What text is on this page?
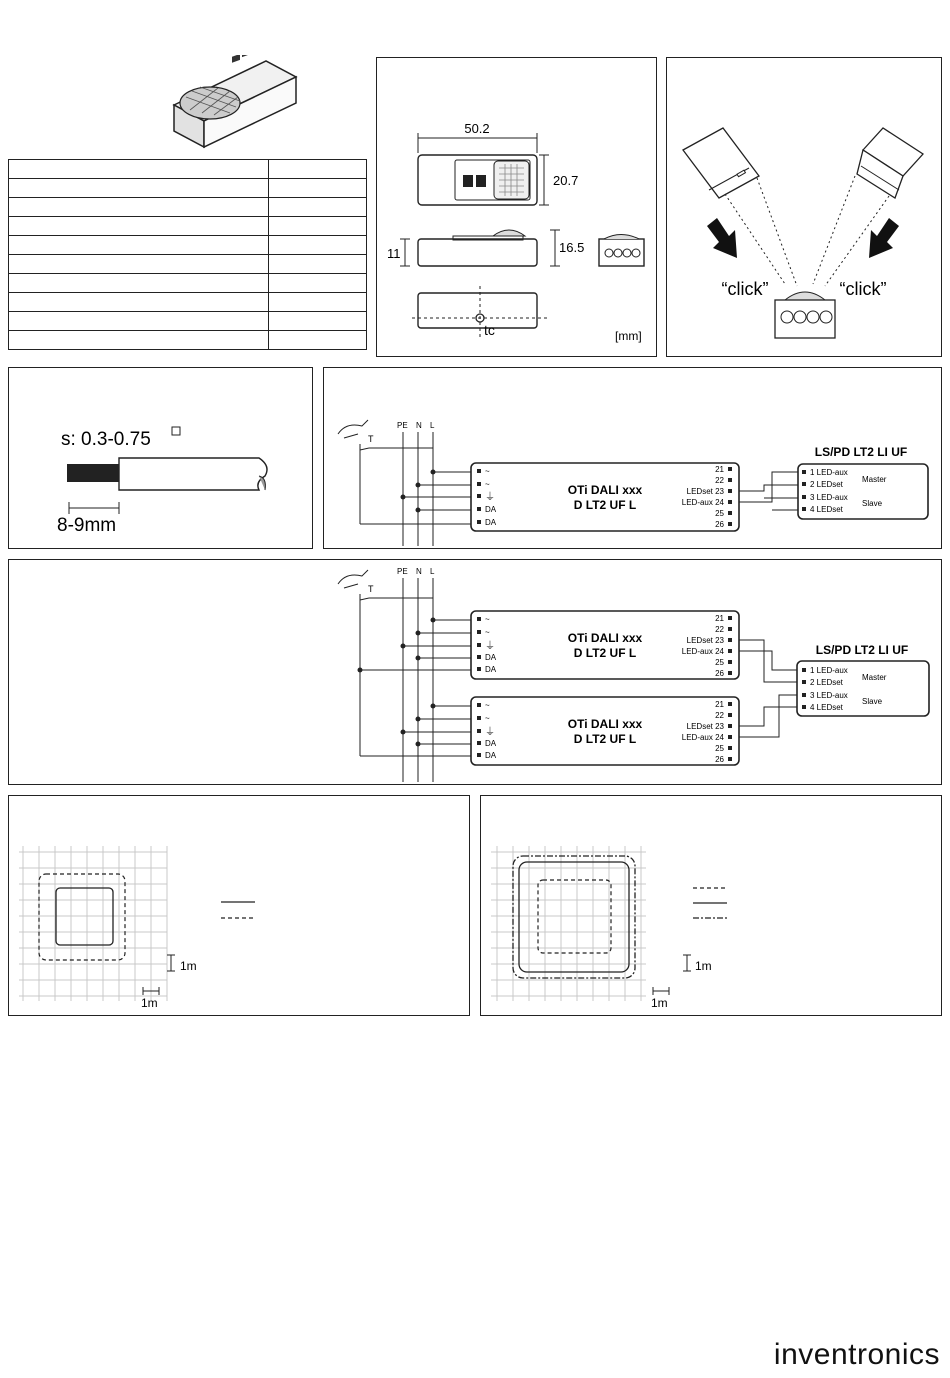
50.2
20.7
11	16.5
tc	[mm]
“click”	“click”
s: 0.3-0.75
8-9mm
T
PE N L
~
~
⏚
DA
DA
OTi DALI xxx
D LT2 UF L
21
22
LEDset 23
LED-aux 24
25
26
LS/PD LT2 LI UF
1 LED-aux
2 LEDset
3 LED-aux
4 LEDset
Master
Slave
T
PE N L
~
~
⏚
DA
DA
OTi DALI xxx
D LT2 UF L
21
22
LEDset 23
LED-aux 24
25
26
~
~
⏚
DA
DA
OTi DALI xxx
D LT2 UF L
21
22
LEDset 23
LED-aux 24
25
26
LS/PD LT2 LI UF
1 LED-aux
2 LEDset
3 LED-aux
4 LEDset
Master
Slave
1m
1m
1m
1m
inventronics
